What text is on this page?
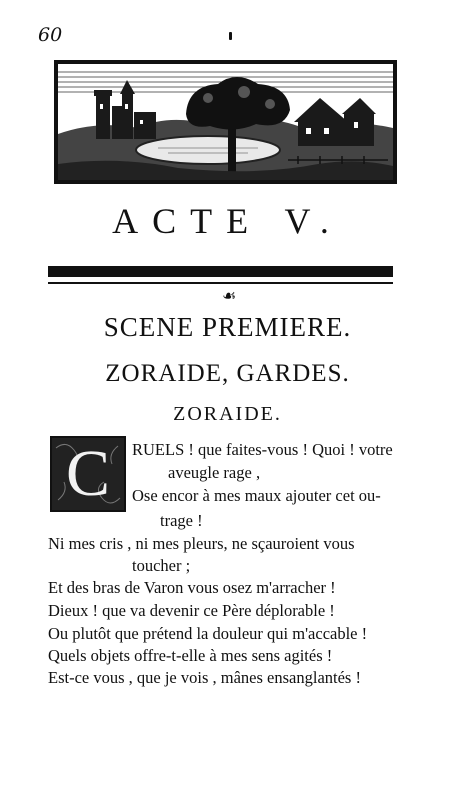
60
ACTE V.
☙
SCENE PREMIERE.
ZORAIDE, GARDES.
ZORAIDE.
C	RUELS ! que faites-vous ! Quoi ! votre
aveugle rage ,
Ose encor à mes maux ajouter cet ou-
trage !
Ni mes cris , ni mes pleurs, ne sçauroient vous
toucher ;
Et des bras de Varon vous osez m'arracher !
Dieux ! que va devenir ce Père déplorable !
Ou plutôt que prétend la douleur qui m'accable !
Quels objets offre-t-elle à mes sens agités !
Est-ce vous , que je vois , mânes ensanglantés !
